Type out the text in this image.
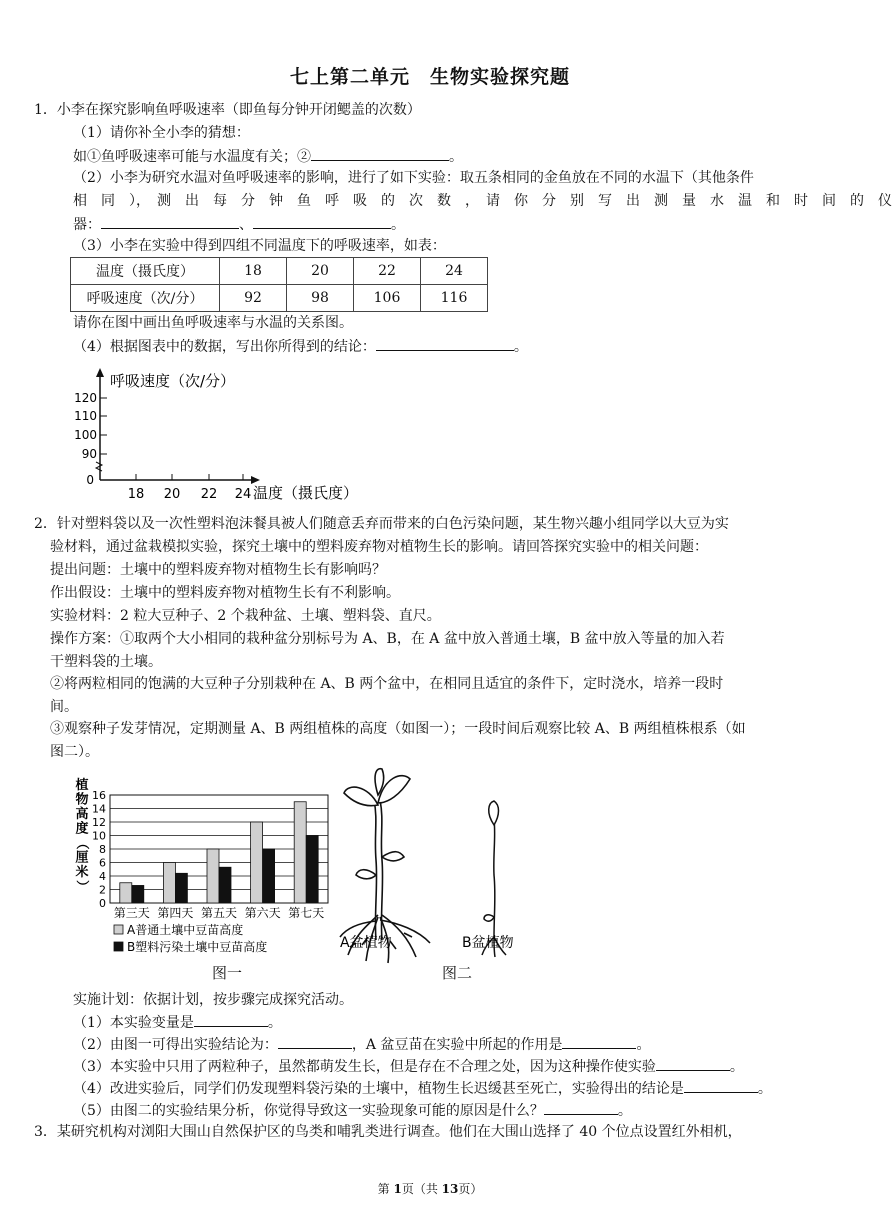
七上第二单元　生物实验探究题
1．小李在探究影响鱼呼吸速率（即鱼每分钟开闭鳃盖的次数）
（1）请你补全小李的猜想：
如①鱼呼吸速率可能与水温度有关；②	。
（2）小李为研究水温对鱼呼吸速率的影响，进行了如下实验：取五条相同的金鱼放在不同的水温下（其他条件
相　同　），　测　出　每　分　钟　鱼　呼　吸　的　次　数　，　请　你　分　别　写　出　测　量　水　温　和　时　间　的　仪
器：	、	。
（3）小李在实验中得到四组不同温度下的呼吸速率，如表：
温度（摄氏度）	18	20	22	24
呼吸速度（次/分）	92	98	106	116
请你在图中画出鱼呼吸速率与水温的关系图。
（4）根据图表中的数据，写出你所得到的结论：	。
呼吸速度（次/分）
120
110
100
90
0
18 20 22 24 温度（摄氏度）
2．针对塑料袋以及一次性塑料泡沫餐具被人们随意丢弃而带来的白色污染问题，某生物兴趣小组同学以大豆为实
验材料，通过盆栽模拟实验，探究土壤中的塑料废弃物对植物生长的影响。请回答探究实验中的相关问题：
提出问题：土壤中的塑料废弃物对植物生长有影响吗？
作出假设：土壤中的塑料废弃物对植物生长有不利影响。
实验材料：2 粒大豆种子、2 个栽种盆、土壤、塑料袋、直尺。
操作方案：①取两个大小相同的栽种盆分别标号为 A、B，在 A 盆中放入普通土壤，B 盆中放入等量的加入若
干塑料袋的土壤。
②将两粒相同的饱满的大豆种子分别栽种在 A、B 两个盆中，在相同且适宜的条件下，定时浇水，培养一段时
间。
③观察种子发芽情况，定期测量 A、B 两组植株的高度（如图一）；一段时间后观察比较 A、B 两组植株根系（如
图二）。
0
2
4
6
8
10
12
14
16
第三天 第四天 第五天 第六天 第七天
植
物
高
度
（
厘
米
）
A普通土壤中豆苗高度
B塑料污染土壤中豆苗高度
图一
A盆植物	B盆植物
图二
实施计划：依据计划，按步骤完成探究活动。
（1）本实验变量是	。
（2）由图一可得出实验结论为：	，A 盆豆苗在实验中所起的作用是	。
（3）本实验中只用了两粒种子，虽然都萌发生长，但是存在不合理之处，因为这种操作使实验	。
（4）改进实验后，同学们仍发现塑料袋污染的土壤中，植物生长迟缓甚至死亡，实验得出的结论是	。
（5）由图二的实验结果分析，你觉得导致这一实验现象可能的原因是什么？	。
3．某研究机构对浏阳大围山自然保护区的鸟类和哺乳类进行调查。他们在大围山选择了 40 个位点设置红外相机，
第 1页（共 13页）
